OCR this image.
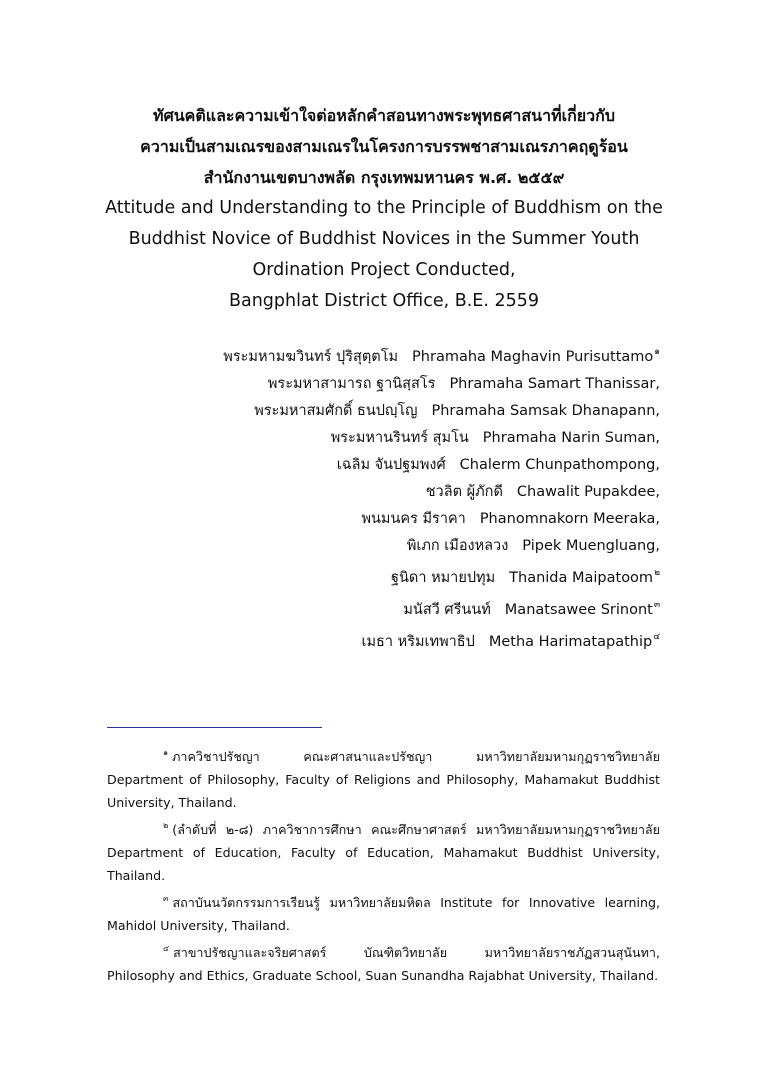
ทัศนคติและความเข้าใจต่อหลักคำสอนทางพระพุทธศาสนาที่เกี่ยวกับ
ความเป็นสามเณรของสามเณรในโครงการบรรพชาสามเณรภาคฤดูร้อน
สำนักงานเขตบางพลัด กรุงเทพมหานคร พ.ศ. ๒๕๕๙
Attitude and Understanding to the Principle of Buddhism on the
Buddhist Novice of Buddhist Novices in the Summer Youth
Ordination Project Conducted,
Bangphlat District Office, B.E. 2559
พระมหามฆวินทร์ ปุริสุตฺตโม Phramaha Maghavin Purisuttamo$^๑$
พระมหาสามารถ ฐานิสฺสโร Phramaha Samart Thanissar,
พระมหาสมศักดิ์ ธนปญฺโญ Phramaha Samsak Dhanapann,
พระมหานรินทร์ สุมโน Phramaha Narin Suman,
เฉลิม จันปฐมพงศ์ Chalerm Chunpathompong,
ชวลิต ผู้ภักดี Chawalit Pupakdee,
พนมนคร มีราคา Phanomnakorn Meeraka,
พิเภก เมืองหลวง Pipek Muengluang,
ฐนิดา หมายปทุม Thanida Maipatoom$^๒$
มนัสวี ศรีนนท์ Manatsawee Srinont$^๓$
เมธา หริมเทพาธิป Metha Harimatapathip$^๔$

$^๑$ ภาควิชาปรัชญา คณะศาสนาและปรัชญา มหาวิทยาลัยมหามกุฏราชวิทยาลัย Department of Philosophy, Faculty of Religions and Philosophy, Mahamakut Buddhist University, Thailand.

$^๒$ (ลำดับที่ ๒-๘) ภาควิชาการศึกษา คณะศึกษาศาสตร์ มหาวิทยาลัยมหามกุฏราชวิทยาลัย Department of Education, Faculty of Education, Mahamakut Buddhist University, Thailand.

$^๓$ สถาบันนวัตกรรมการเรียนรู้ มหาวิทยาลัยมหิดล Institute for Innovative learning, Mahidol University, Thailand.

$^๔$ สาขาปรัชญาและจริยศาสตร์ บัณฑิตวิทยาลัย มหาวิทยาลัยราชภัฏสวนสุนันทา, Philosophy and Ethics, Graduate School, Suan Sunandha Rajabhat University, Thailand.
